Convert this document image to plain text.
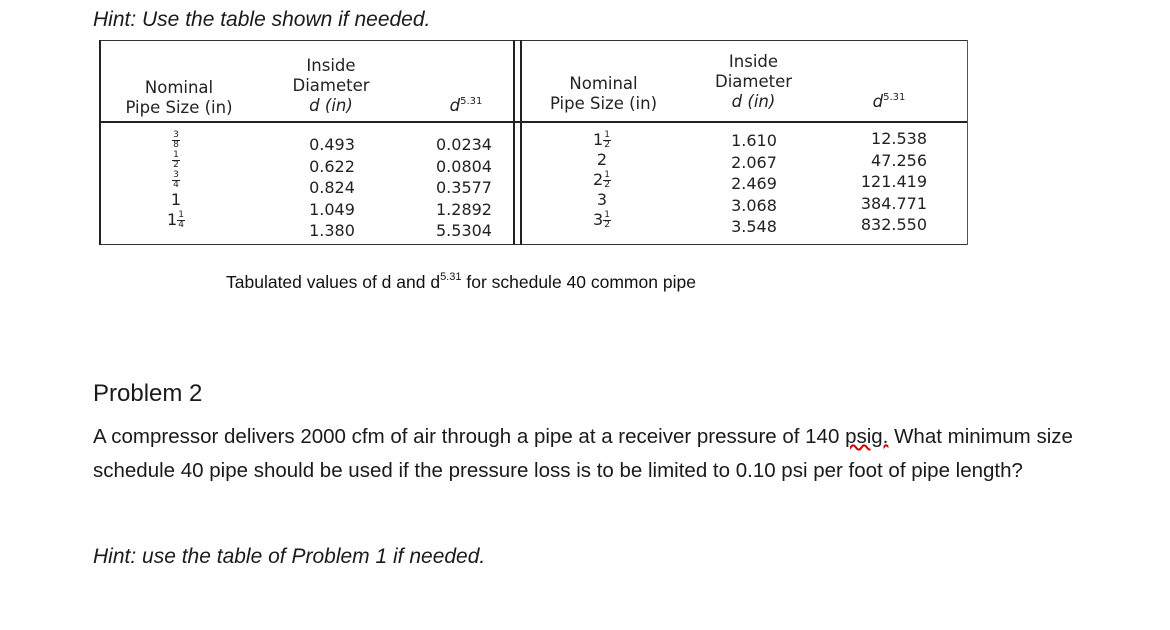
Hint: Use the table shown if needed.
Nominal
Pipe Size (in)
Inside
Diameter
d (in)	$d^{5.31}$
Nominal
Pipe Size (in)
Inside
Diameter
d (in)	$d^{5.31}$
$\frac{3}{8}$
$\frac{1}{2}$
$\frac{3}{4}$
1
$1 \frac{1}{4}$
0.493
0.622
0.824
1.049
1.380
0.0234
0.0804
0.3577
1.2892
5.5304
$1 \frac{1}{2}$
2
$2 \frac{1}{2}$
3
$3 \frac{1}{2}$
1.610
2.067
2.469
3.068
3.548
12.538
47.256
121.419
384.771
832.550
Tabulated values of d and $d^{5.31}$ for schedule 40 common pipe
Problem 2
A compressor delivers 2000 cfm of air through a pipe at a receiver pressure of 140 psig. What minimum size schedule 40 pipe should be used if the pressure loss is to be limited to 0.10 psi per foot of pipe length?
Hint: use the table of Problem 1 if needed.
